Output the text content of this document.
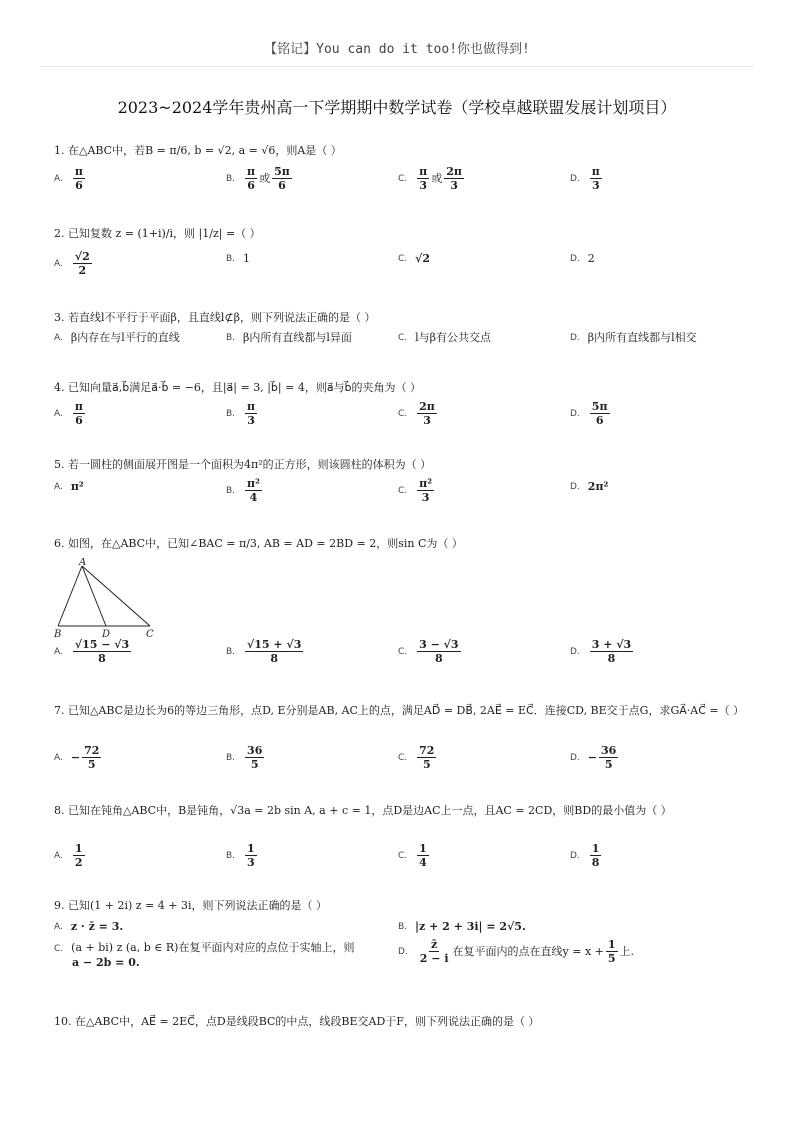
【铭记】You can do it too!你也做得到!
2023~2024学年贵州高一下学期期中数学试卷（学校卓越联盟发展计划项目）
1. 在△ABC中，若B = π/6, b = √2, a = √6，则A是（ ）
A. $\frac{\pi}{6}$	B. $\frac{\pi}{6}$ 或 $\frac{5\pi}{6}$	C. $\frac{\pi}{3}$ 或 $\frac{2\pi}{3}$	D. $\frac{\pi}{3}$
2. 已知复数 z = (1+i)/i，则 |1/z| =（ ）
A. $\frac{√2}{2}$	B. 1	C. √2	D. 2
3. 若直线l不平行于平面β，且直线l⊄β，则下列说法正确的是（ ）
A. β内存在与l平行的直线	B. β内所有直线都与l异面	C. l与β有公共交点	D. β内所有直线都与l相交
4. 已知向量a⃗,b⃗满足a⃗·b⃗ = −6，且|a⃗| = 3, |b⃗| = 4，则a⃗与b⃗的夹角为（ ）
A. $\frac{\pi}{6}$	B. $\frac{\pi}{3}$	C. $\frac{2\pi}{3}$	D. $\frac{5\pi}{6}$
5. 若一圆柱的侧面展开图是一个面积为4π²的正方形，则该圆柱的体积为（ ）
A. π²	B. $\frac{\text{π²}}{4}$	C. $\frac{\text{π²}}{3}$	D. 2π²
6. 如图，在△ABC中，已知∠BAC = π/3, AB = AD = 2BD = 2，则sin C为（ ）
A
B	D	C
A. $\frac{√15 - √3}{8}$	B. $\frac{√15 + √3}{8}$	C. $\frac{3 - √3}{8}$	D. $\frac{3 + √3}{8}$
7. 已知△ABC是边长为6的等边三角形，点D, E分别是AB, AC上的点，满足AD⃗ = DB⃗, 2AE⃗ = EC⃗．连接CD, BE交于点G，求GA⃗·AC⃗ =（ ）
A. − $\frac{72}{5}$	B. $\frac{36}{5}$	C. $\frac{72}{5}$	D. − $\frac{36}{5}$
8. 已知在钝角△ABC中，B是钝角，√3a = 2b sin A, a + c = 1，点D是边AC上一点，且AC = 2CD，则BD的最小值为（ ）
A. $\frac{1}{2}$	B. $\frac{1}{3}$	C. $\frac{1}{4}$	D. $\frac{1}{8}$
9. 已知(1 + 2i) z = 4 + 3i，则下列说法正确的是（ ）
A. z · z̄ = 3.	B. |z + 2 + 3i| = 2√5.
C. (a + bi) z (a, b ∈ R)在复平面内对应的点位于实轴上，则
a − 2b = 0.
D. $\frac{z̄}{2 - i}$ 在复平面内的点在直线$y = x + \frac{1}{5}$ 上.
10. 在△ABC中，AE⃗ = 2EC⃗，点D是线段BC的中点，线段BE交AD于F，则下列说法正确的是（ ）
